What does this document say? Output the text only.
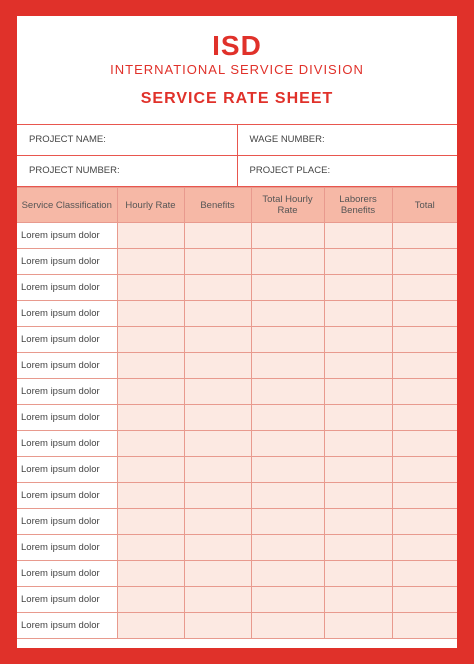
ISD
INTERNATIONAL SERVICE DIVISION
SERVICE RATE SHEET
PROJECT NAME:	WAGE NUMBER:
PROJECT NUMBER:	PROJECT PLACE:
Service Classification	Hourly Rate	Benefits	Total Hourly Rate	Laborers Benefits	Total
Lorem ipsum dolor					
Lorem ipsum dolor					
Lorem ipsum dolor					
Lorem ipsum dolor					
Lorem ipsum dolor					
Lorem ipsum dolor					
Lorem ipsum dolor					
Lorem ipsum dolor					
Lorem ipsum dolor					
Lorem ipsum dolor					
Lorem ipsum dolor					
Lorem ipsum dolor					
Lorem ipsum dolor					
Lorem ipsum dolor					
Lorem ipsum dolor					
Lorem ipsum dolor					
